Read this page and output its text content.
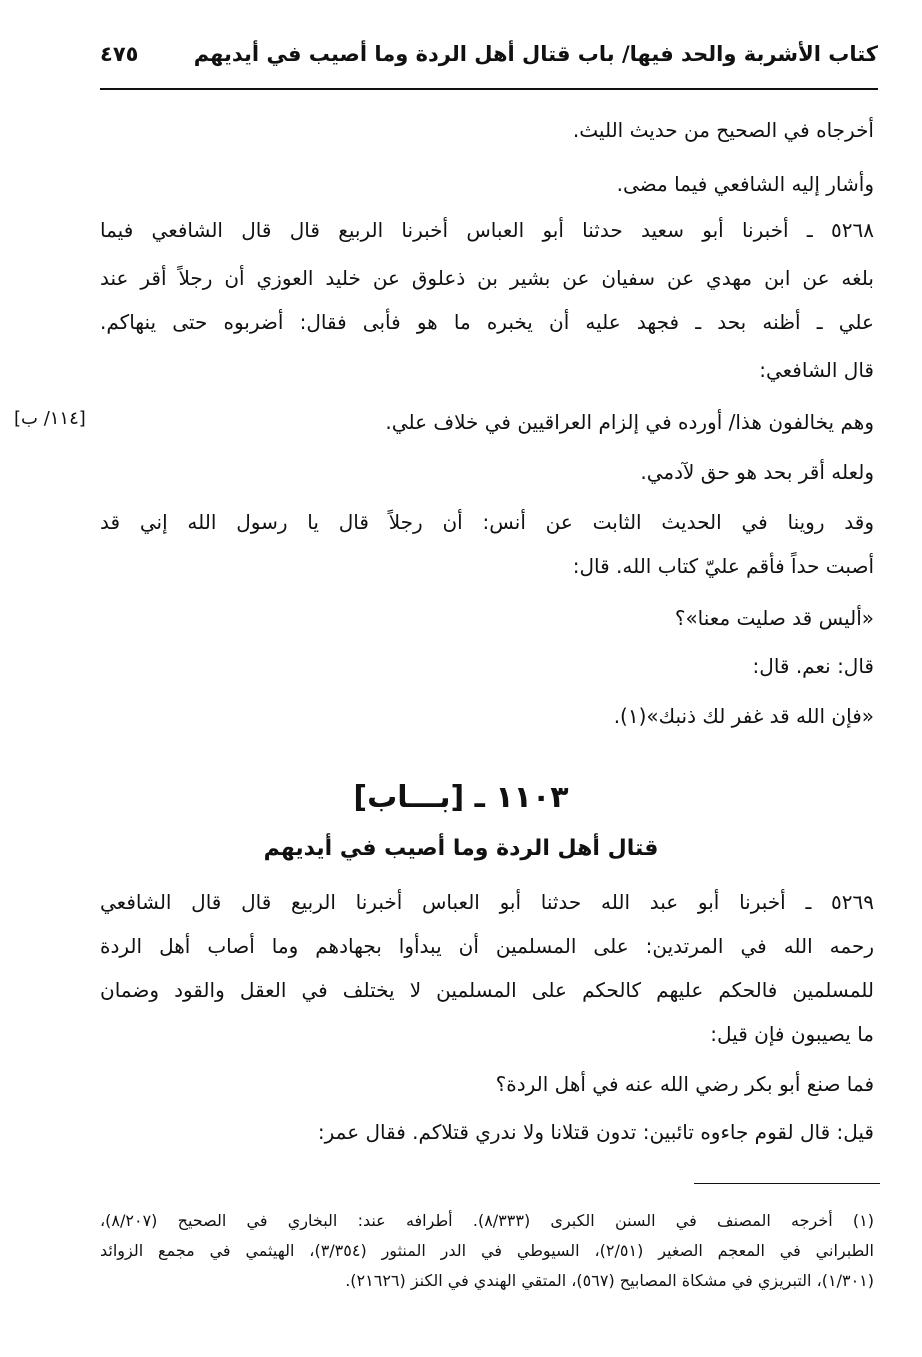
كتاب الأشربة والحد فيها/ باب قتال أهل الردة وما أصيب في أيديهم
٤٧٥
أخرجاه في الصحيح من حديث الليث.
وأشار إليه الشافعي فيما مضى.
٥٢٦٨ ـ أخبرنا أبو سعيد حدثنا أبو العباس أخبرنا الربيع قال قال الشافعي فيما
بلغه عن ابن مهدي عن سفيان عن بشير بن ذعلوق عن خليد العوزي أن رجلاً أقر عند
علي ـ أظنه بحد ـ فجهد عليه أن يخبره ما هو فأبى فقال: أضربوه حتى ينهاكم.
قال الشافعي:
وهم يخالفون هذا/ أورده في إلزام العراقيين في خلاف علي.
[١١٤/ ب]
ولعله أقر بحد هو حق لآدمي.
وقد روينا في الحديث الثابت عن أنس: أن رجلاً قال يا رسول الله إني قد
أصبت حداً فأقم عليّ كتاب الله. قال:
«أليس قد صليت معنا»؟
قال: نعم. قال:
«فإن الله قد غفر لك ذنبك»(١).
١١٠٣ ـ [بـــاب]
قتال أهل الردة وما أصيب في أيديهم
٥٢٦٩ ـ أخبرنا أبو عبد الله حدثنا أبو العباس أخبرنا الربيع قال قال الشافعي
رحمه الله في المرتدين: على المسلمين أن يبدأوا بجهادهم وما أصاب أهل الردة
للمسلمين فالحكم عليهم كالحكم على المسلمين لا يختلف في العقل والقود وضمان
ما يصيبون فإن قيل:
فما صنع أبو بكر رضي الله عنه في أهل الردة؟
قيل: قال لقوم جاءوه تائبين: تدون قتلانا ولا ندري قتلاكم. فقال عمر:
(١) أخرجه المصنف في السنن الكبرى (٨/٣٣٣). أطرافه عند: البخاري في الصحيح (٨/٢٠٧)،
الطبراني في المعجم الصغير (٢/٥١)، السيوطي في الدر المنثور (٣/٣٥٤)، الهيثمي في مجمع الزوائد
(١/٣٠١)، التبريزي في مشكاة المصابيح (٥٦٧)، المتقي الهندي في الكنز (٢١٦٢٦).
